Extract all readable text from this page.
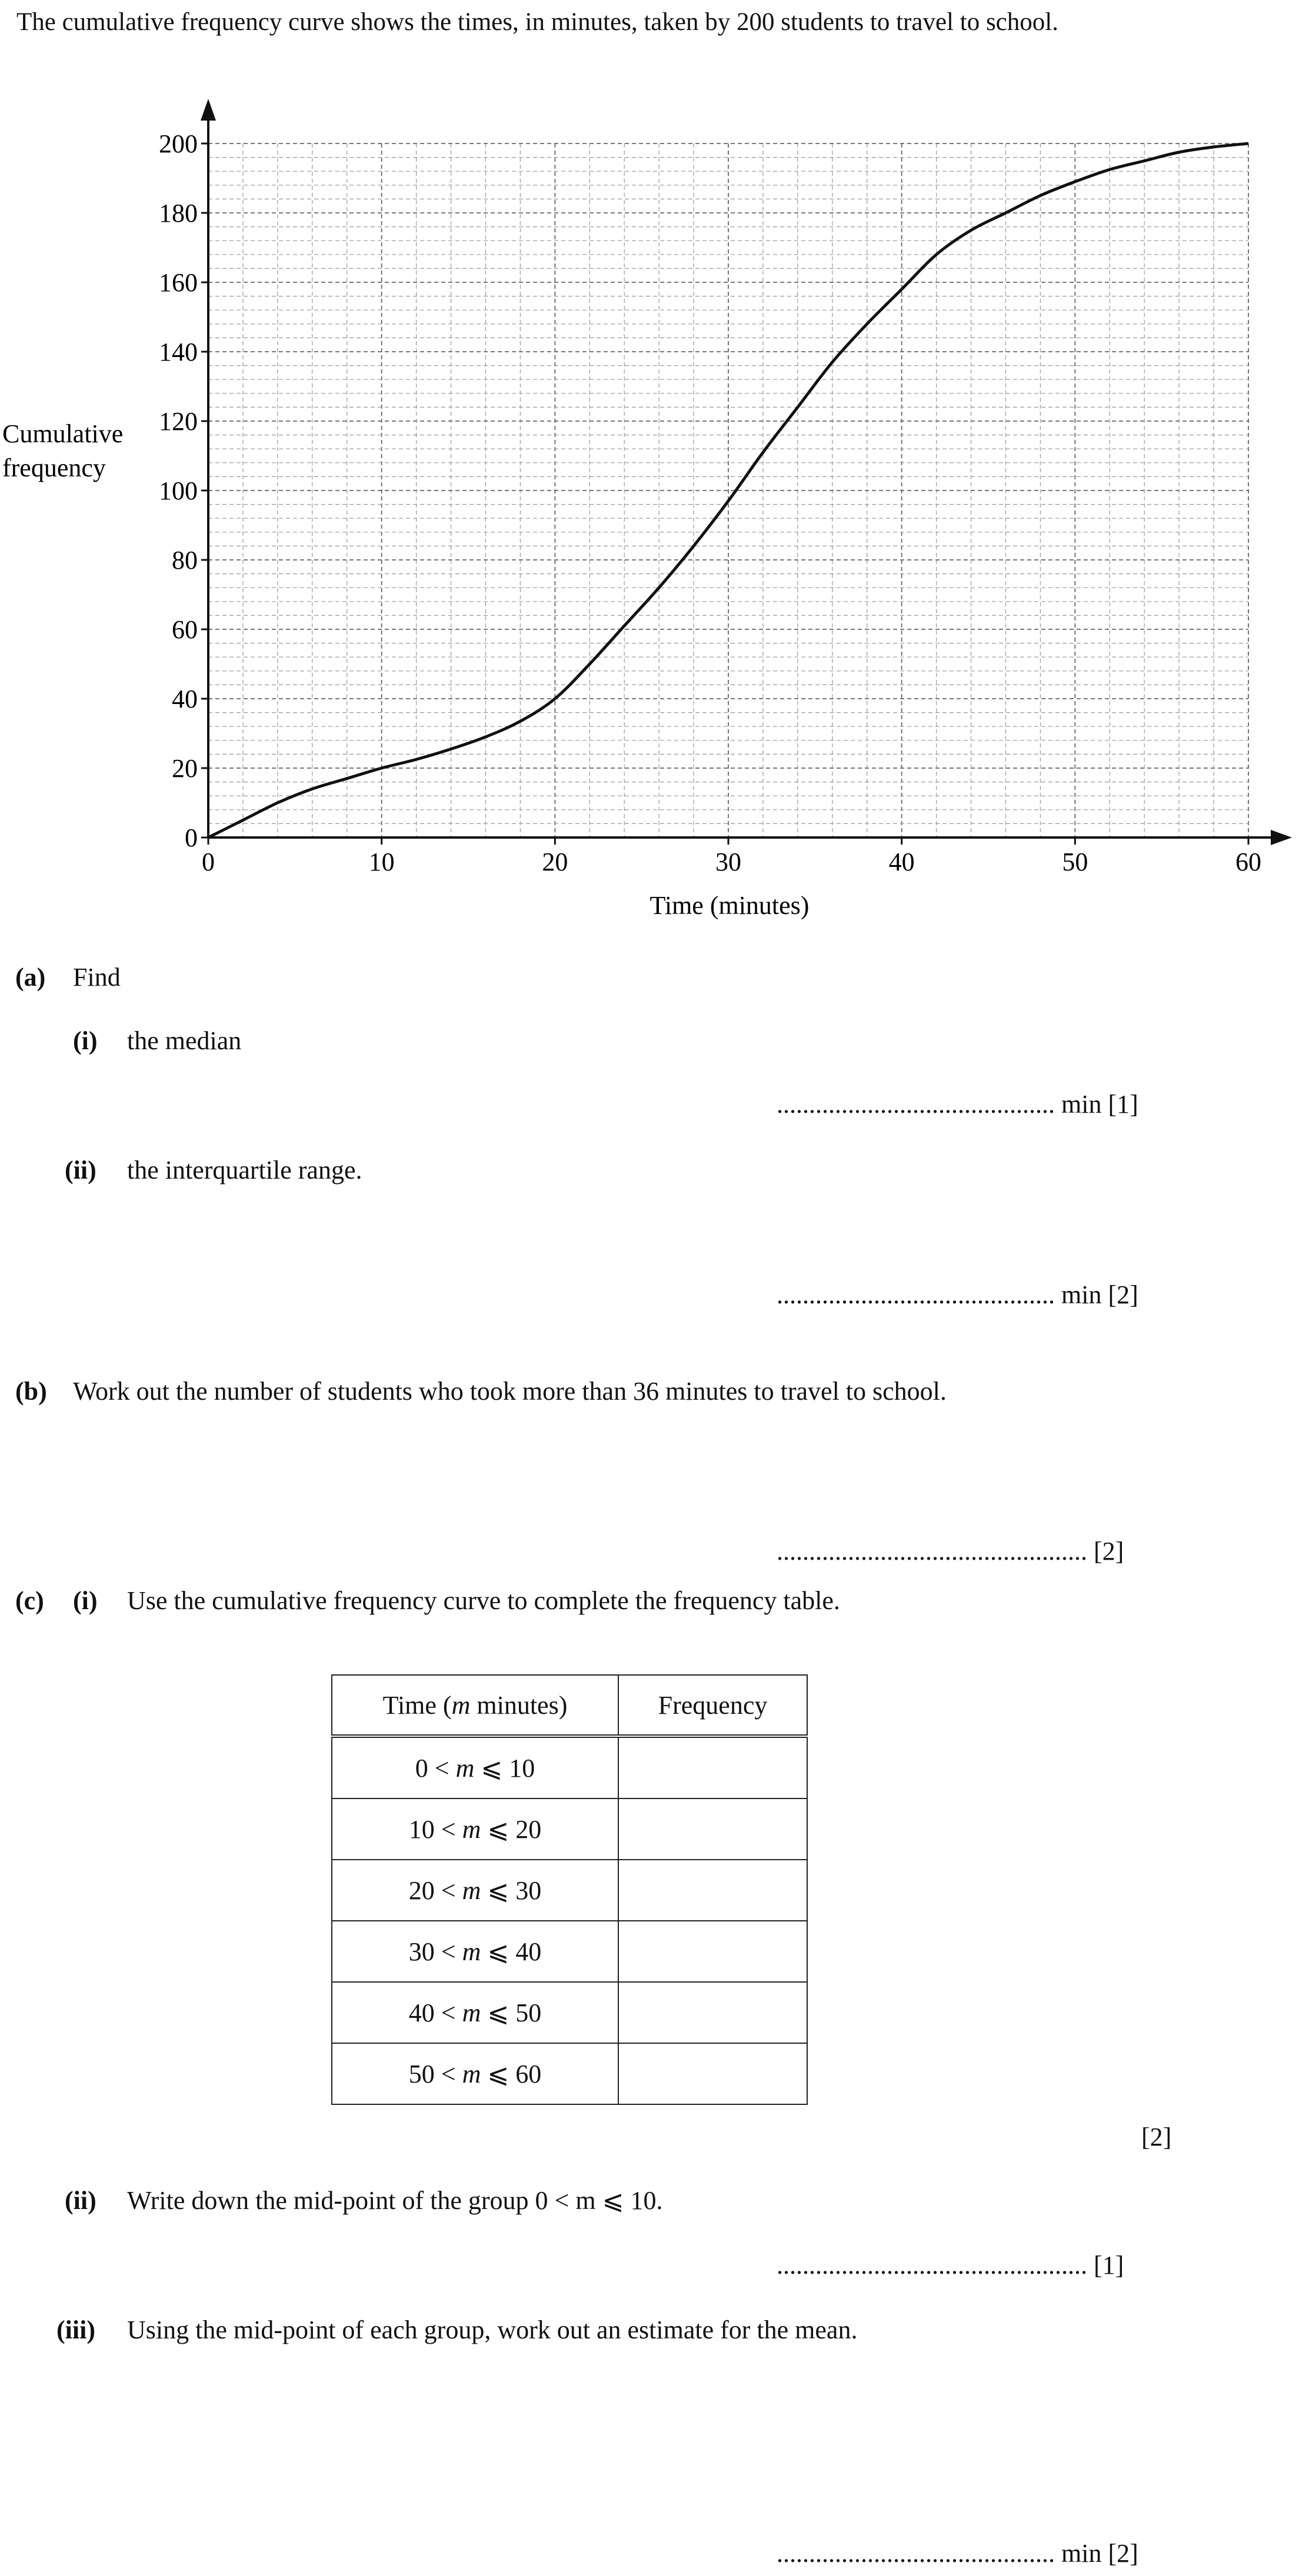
The cumulative frequency curve shows the times, in minutes, taken by 200 students to travel to school.
0	10	20	30	40	50	60
0
20
40
60
80
100
120
140
160
180
200
Cumulative
frequency
Time (minutes)
(a) Find
(i) the median
........................................... min [1]
(ii) the interquartile range.
........................................... min [2]
(b) Work out the number of students who took more than 36 minutes to travel to school.
................................................ [2]
(c) (i) Use the cumulative frequency curve to complete the frequency table.
Time (m minutes)	Frequency
0 < m ⩽ 10	
10 < m ⩽ 20	
20 < m ⩽ 30	
30 < m ⩽ 40	
40 < m ⩽ 50	
50 < m ⩽ 60	
[2]
(ii) Write down the mid-point of the group 0 < m ⩽ 10.
................................................ [1]
(iii) Using the mid-point of each group, work out an estimate for the mean.
........................................... min [2]
